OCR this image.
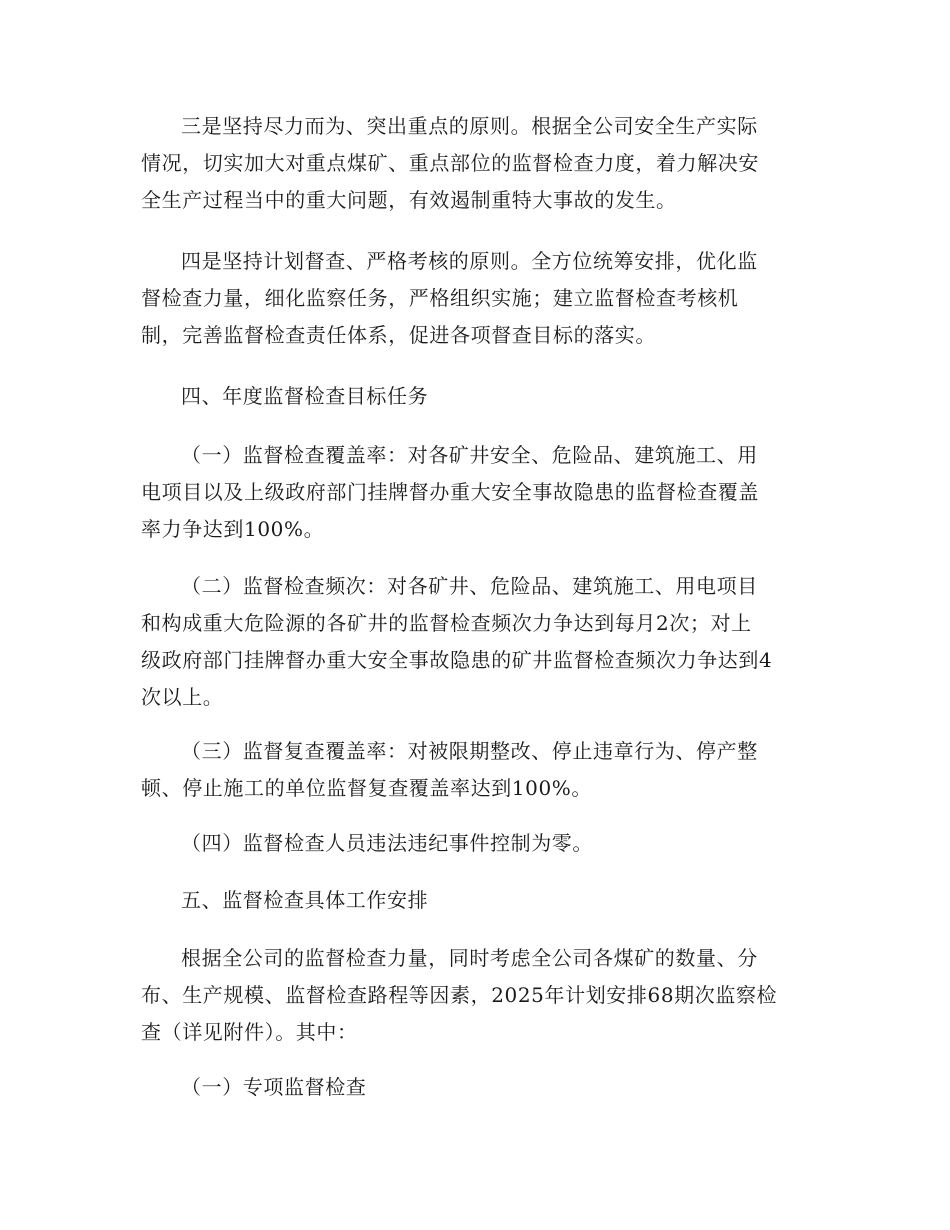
三是坚持尽力而为、突出重点的原则。根据全公司安全生产实际
情况，切实加大对重点煤矿、重点部位的监督检查力度，着力解决安
全生产过程当中的重大问题，有效遏制重特大事故的发生。
四是坚持计划督查、严格考核的原则。全方位统筹安排，优化监
督检查力量，细化监察任务，严格组织实施；建立监督检查考核机
制，完善监督检查责任体系，促进各项督查目标的落实。
四、年度监督检查目标任务
（一）监督检查覆盖率：对各矿井安全、危险品、建筑施工、用
电项目以及上级政府部门挂牌督办重大安全事故隐患的监督检查覆盖
率力争达到100%。
（二）监督检查频次：对各矿井、危险品、建筑施工、用电项目
和构成重大危险源的各矿井的监督检查频次力争达到每月2次；对上
级政府部门挂牌督办重大安全事故隐患的矿井监督检查频次力争达到4
次以上。
（三）监督复查覆盖率：对被限期整改、停止违章行为、停产整
顿、停止施工的单位监督复查覆盖率达到100%。
（四）监督检查人员违法违纪事件控制为零。
五、监督检查具体工作安排
根据全公司的监督检查力量，同时考虑全公司各煤矿的数量、分
布、生产规模、监督检查路程等因素，2025年计划安排68期次监察检
查（详见附件）。其中：
（一）专项监督检查
